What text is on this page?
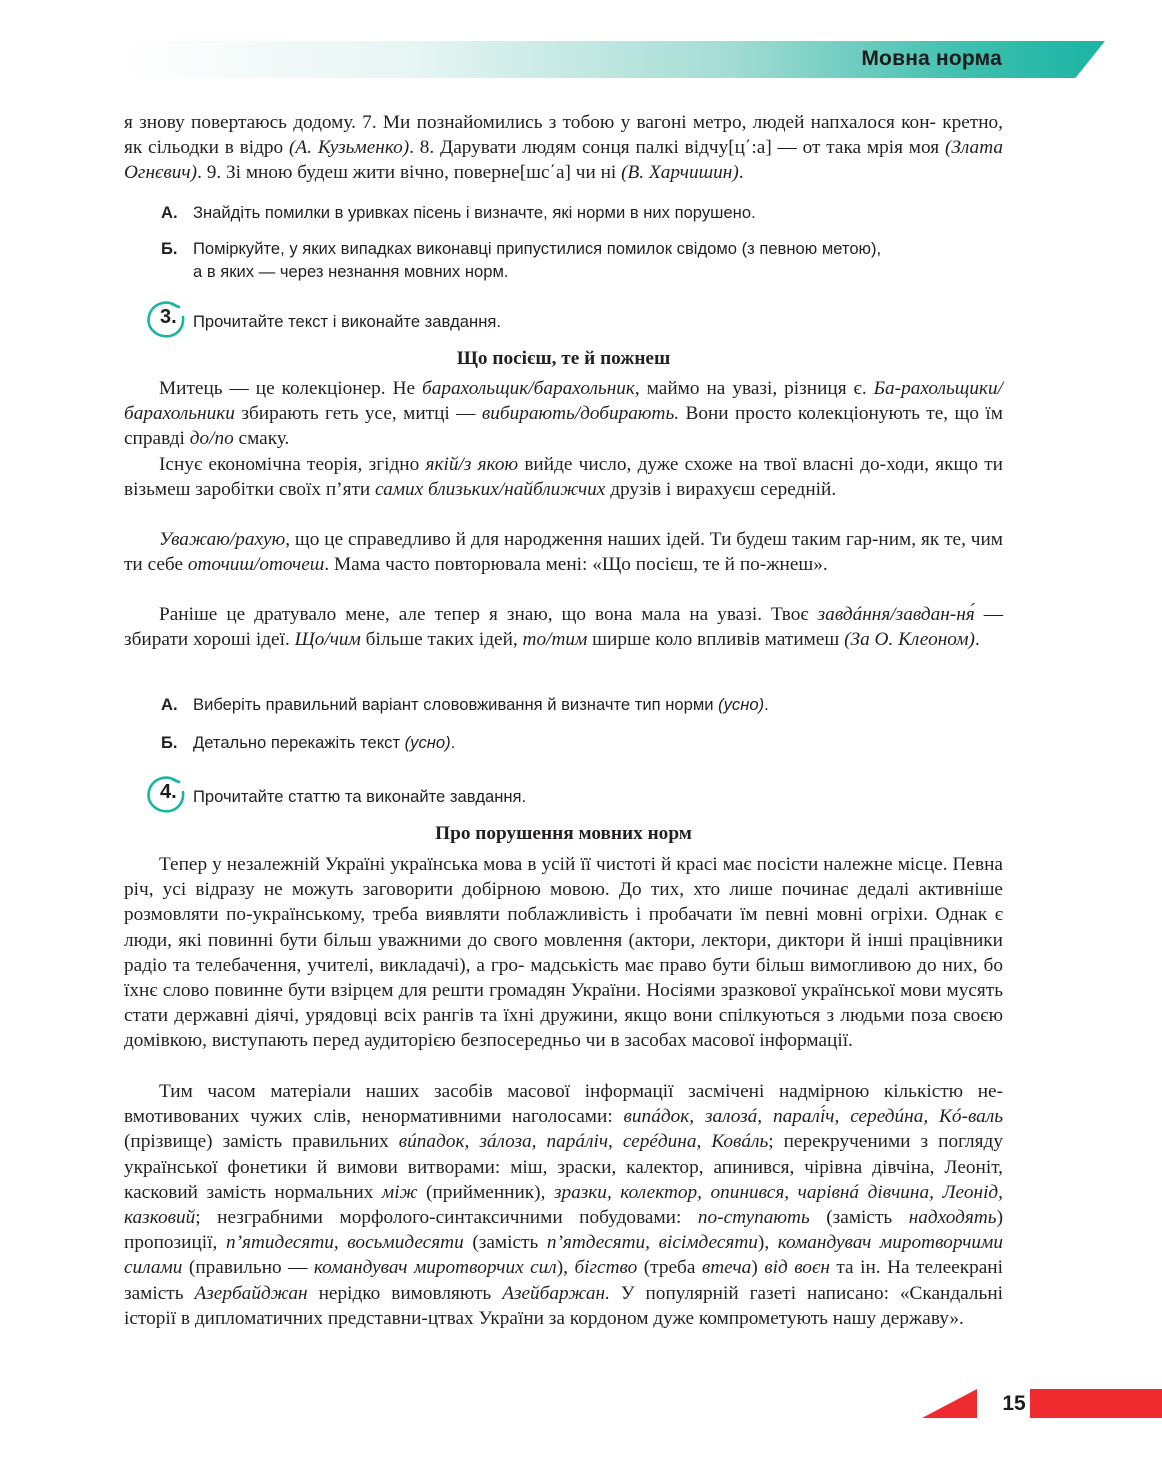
Мовна норма

я знову повертаюсь додому. 7. Ми познайомились з тобою у вагоні метро, людей напхалося кон- кретно, як сільодки в відро (А. Кузьменко). 8. Дарувати людям сонця палкі відчу[ц΄:а] — от така мрія моя (Злата Огнєвич). 9. Зі мною будеш жити вічно, поверне[шс΄а] чи ні (В. Харчишин).

А. Знайдіть помилки в уривках пісень і визначте, які норми в них порушено.
Б. Поміркуйте, у яких випадках виконавці припустилися помилок свідомо (з певною метою),
а в яких — через незнання мовних норм.
3. Прочитайте текст і виконайте завдання.
Що посієш, те й пожнеш

Митець — це колекціонер. Не барахольщик/барахольник, маймо на увазі, різниця є. Ба-рахольщики/барахольники збирають геть усе, митці — вибирають/добирають. Вони просто колекціонують те, що їм справді до/по смаку.

Існує економічна теорія, згідно якій/з якою вийде число, дуже схоже на твої власні до-ходи, якщо ти візьмеш заробітки своїх п’яти самих близьких/найближчих друзів і вирахуєш середній.

Уважаю/рахую, що це справедливо й для народження наших ідей. Ти будеш таким гар-ним, як те, чим ти себе оточиш/оточеш. Мама часто повторювала мені: «Що посієш, те й по-жнеш».

Раніше це дратувало мене, але тепер я знаю, що вона мала на увазі. Твоє завдáння/завдан-ня́ — збирати хороші ідеї. Що/чим більше таких ідей, то/тим ширше коло впливів матимеш (За О. Клеоном).

А. Виберіть правильний варіант слововживання й визначте тип норми (усно).
Б. Детально перекажіть текст (усно).
4. Прочитайте статтю та виконайте завдання.
Про порушення мовних норм

Тепер у незалежній Україні українська мова в усій її чистоті й красі має посісти належне місце. Певна річ, усі відразу не можуть заговорити добірною мовою. До тих, хто лише починає дедалі активніше розмовляти по-українському, треба виявляти поблажливість і пробачати їм певні мовні огріхи. Однак є люди, які повинні бути більш уважними до свого мовлення (актори, лектори, диктори й інші працівники радіо та телебачення, учителі, викладачі), а гро- мадськість має право бути більш вимогливою до них, бо їхнє слово повинне бути взірцем для решти громадян України. Носіями зразкової української мови мусять стати державні діячі, урядовці всіх рангів та їхні дружини, якщо вони спілкуються з людьми поза своєю домівкою, виступають перед аудиторією безпосередньо чи в засобах масової інформації.

Тим часом матеріали наших засобів масової інформації засмічені надмірною кількістю не-вмотивованих чужих слів, ненормативними наголосами: випáдок, залозá, паралі́ч, середúна, Кó-валь (прізвище) замість правильних вúпадок, зáлоза, парáліч, серéдина, Ковáль; перекрученими з погляду української фонетики й вимови витворами: міш, зраски, калектор, апинився, чірівна дівчіна, Леоніт, касковий замість нормальних між (прийменник), зразки, колектор, опинився, чарівнá дівчина, Леонід, казковий; незграбними морфолого-синтаксичними побудовами: по-ступають (замість надходять) пропозиції, п’ятидесяти, восьмидесяти (замість п’ятдесяти, вісімдесяти), командувач миротворчими силами (правильно — командувач миротворчих сил), бігство (треба втеча) від воєн та ін. На телеекрані замість Азербайджан нерідко вимовляють Азейбаржан. У популярній газеті написано: «Скандальні історії в дипломатичних представни-цтвах України за кордоном дуже компрометують нашу державу».

15
